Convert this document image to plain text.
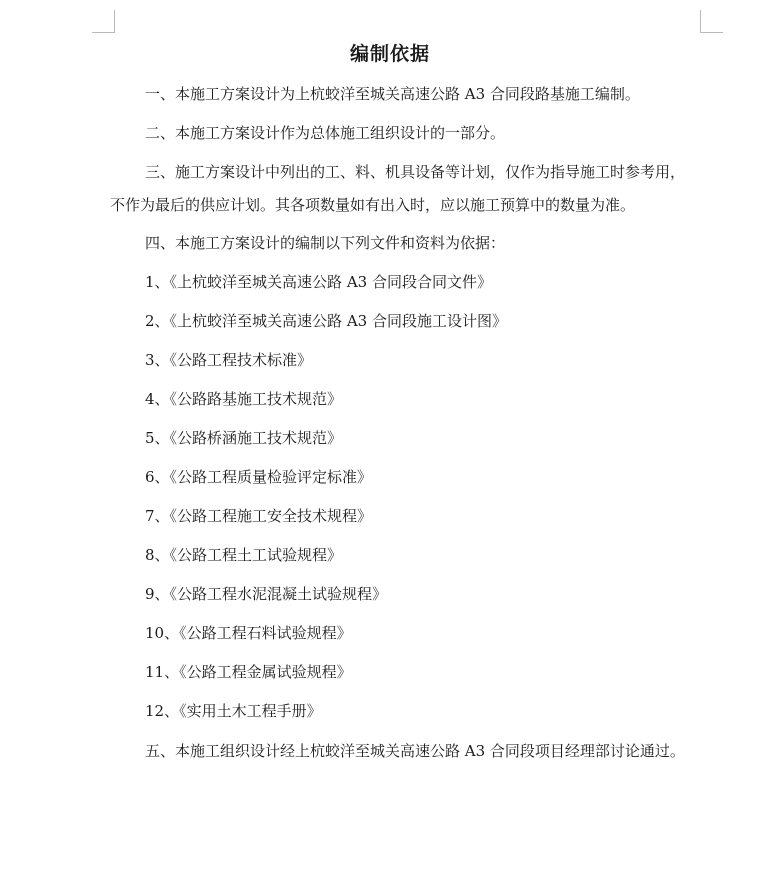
编制依据
一、本施工方案设计为上杭蛟洋至城关高速公路 A3 合同段路基施工编制。
二、本施工方案设计作为总体施工组织设计的一部分。
三、施工方案设计中列出的工、料、机具设备等计划，仅作为指导施工时参考用，
不作为最后的供应计划。其各项数量如有出入时，应以施工预算中的数量为准。
四、本施工方案设计的编制以下列文件和资料为依据：
1、《上杭蛟洋至城关高速公路 A3 合同段合同文件》
2、《上杭蛟洋至城关高速公路 A3 合同段施工设计图》
3、《公路工程技术标准》
4、《公路路基施工技术规范》
5、《公路桥涵施工技术规范》
6、《公路工程质量检验评定标准》
7、《公路工程施工安全技术规程》
8、《公路工程土工试验规程》
9、《公路工程水泥混凝土试验规程》
10、《公路工程石料试验规程》
11、《公路工程金属试验规程》
12、《实用土木工程手册》
五、本施工组织设计经上杭蛟洋至城关高速公路 A3 合同段项目经理部讨论通过。
